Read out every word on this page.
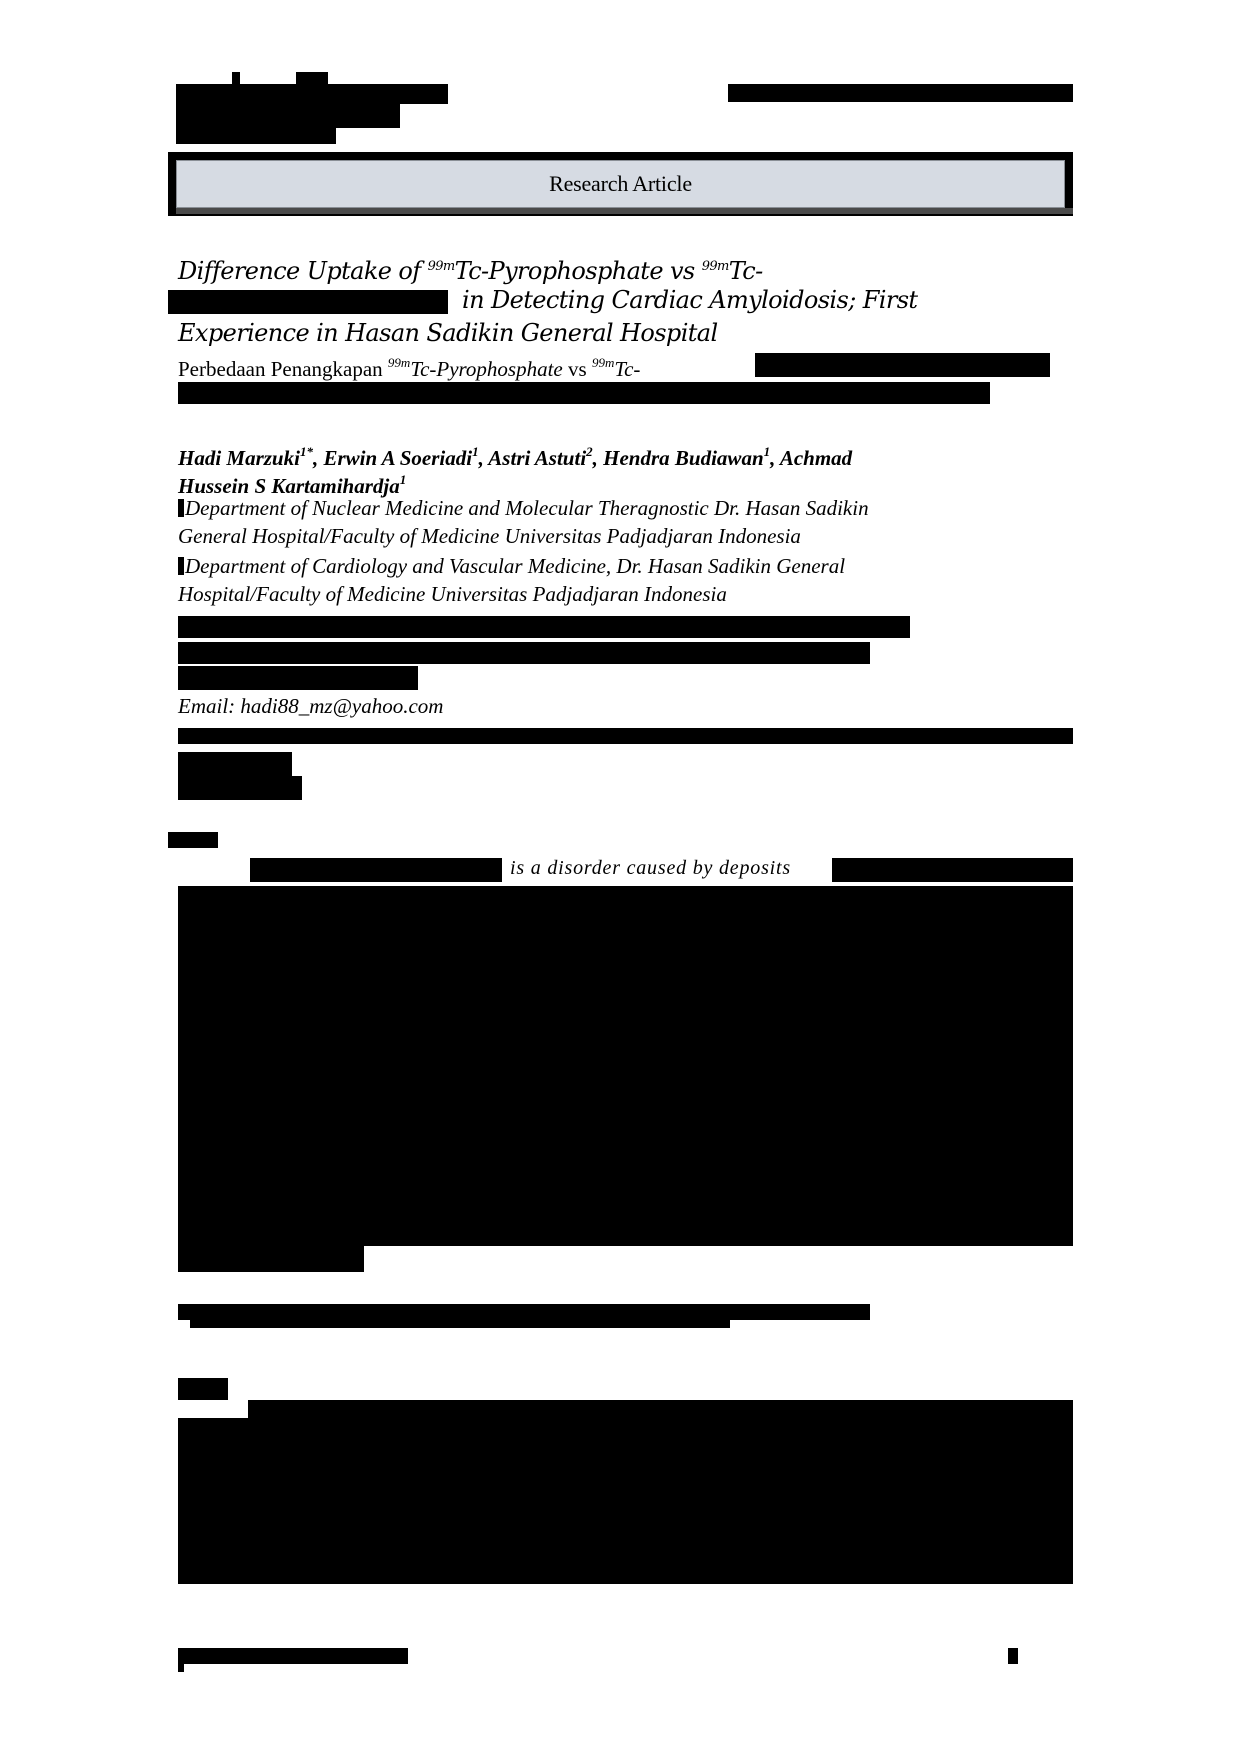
Research Article
Difference Uptake of $^{99m}$Tc-Pyrophosphate vs $^{99m}$Tc-
in Detecting Cardiac Amyloidosis; First
Experience in Hasan Sadikin General Hospital
Perbedaan Penangkapan $^{99m}$Tc-Pyrophosphate vs $^{99m}$Tc-
Hadi Marzuki$^{1*}$, Erwin A Soeriadi$^1$, Astri Astuti$^2$, Hendra Budiawan$^1$, Achmad
Hussein S Kartamihardja$^1$
Department of Nuclear Medicine and Molecular Theragnostic Dr. Hasan Sadikin
General Hospital/Faculty of Medicine Universitas Padjadjaran Indonesia
Department of Cardiology and Vascular Medicine, Dr. Hasan Sadikin General
Hospital/Faculty of Medicine Universitas Padjadjaran Indonesia
Email: hadi88_mz@yahoo.com
is a disorder caused by deposits
